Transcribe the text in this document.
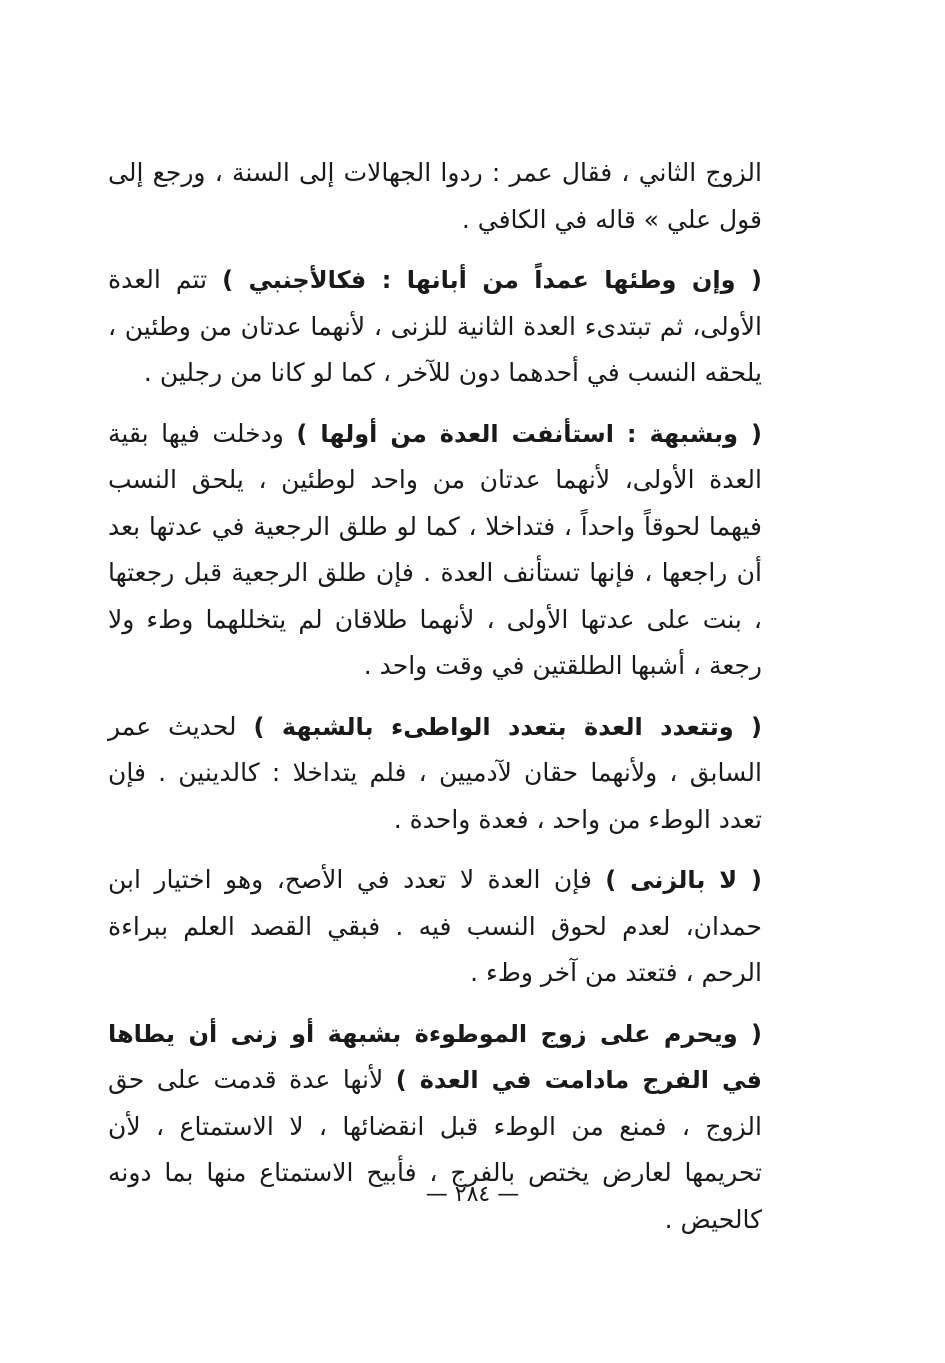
الزوج الثاني ، فقال عمر : ردوا الجهالات إلى السنة ، ورجع إلى قول علي » قاله في الكافي .

( وإن وطئها عمداً من أبانها : فكالأجنبي ) تتم العدة الأولى، ثم تبتدىء العدة الثانية للزنى ، لأنهما عدتان من وطئين ، يلحقه النسب في أحدهما دون للآخر ، كما لو كانا من رجلين .

( وبشبهة : استأنفت العدة من أولها ) ودخلت فيها بقية العدة الأولى، لأنهما عدتان من واحد لوطئين ، يلحق النسب فيهما لحوقاً واحداً ، فتداخلا ، كما لو طلق الرجعية في عدتها بعد أن راجعها ، فإنها تستأنف العدة . فإن طلق الرجعية قبل رجعتها ، بنت على عدتها الأولى ، لأنهما طلاقان لم يتخللهما وطء ولا رجعة ، أشبها الطلقتين في وقت واحد .

( وتتعدد العدة بتعدد الواطىء بالشبهة ) لحديث عمر السابق ، ولأنهما حقان لآدميين ، فلم يتداخلا : كالدينين . فإن تعدد الوطء من واحد ، فعدة واحدة .

( لا بالزنى ) فإن العدة لا تعدد في الأصح، وهو اختيار ابن حمدان، لعدم لحوق النسب فيه . فبقي القصد العلم ببراءة الرحم ، فتعتد من آخر وطء .

( ويحرم على زوج الموطوءة بشبهة أو زنى أن يطاها في الفرج مادامت في العدة ) لأنها عدة قدمت على حق الزوج ، فمنع من الوطء قبل انقضائها ، لا الاستمتاع ، لأن تحريمها لعارض يختص بالفرج ، فأبيح الاستمتاع منها بما دونه كالحيض .

— ٢٨٤ —
